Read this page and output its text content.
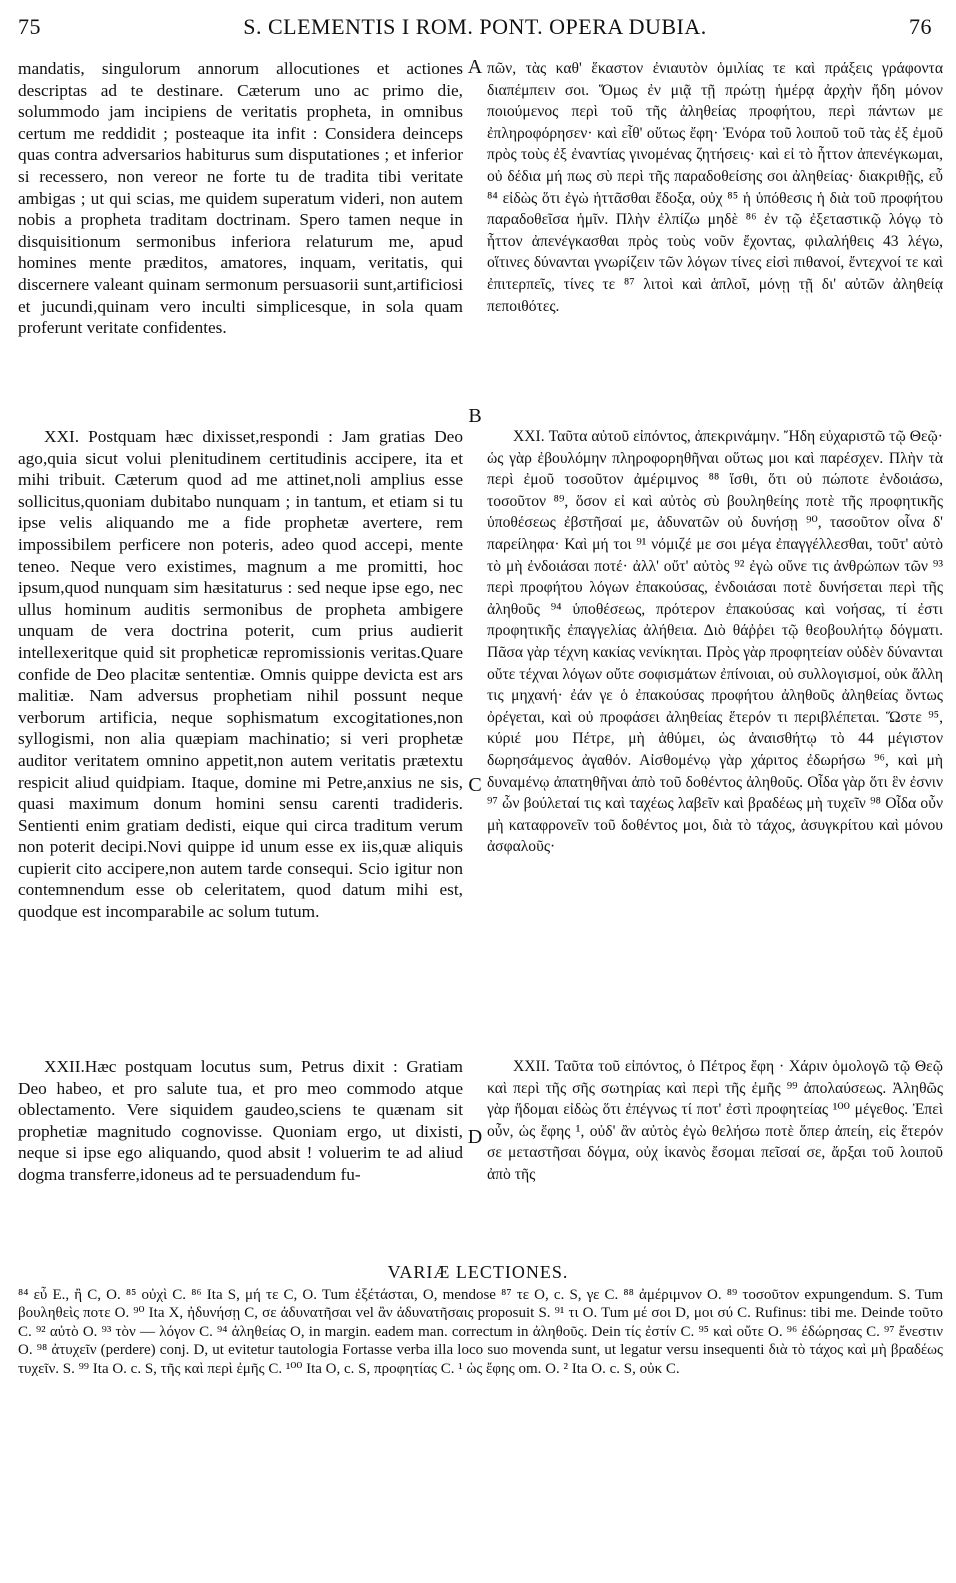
75	S. CLEMENTIS I ROM. PONT. OPERA DUBIA.	76

mandatis, singulorum annorum allocutiones et actiones descriptas ad te destinare. Cæterum uno ac primo die, solummodo jam incipiens de veritatis propheta, in omnibus certum me reddidit ; posteaque ita infit : Considera deinceps quas contra adversarios habiturus sum disputationes ; et inferior si recessero, non vereor ne forte tu de tradita tibi veritate ambigas ; ut qui scias, me quidem superatum videri, non autem nobis a propheta traditam doctrinam. Spero tamen neque in disquisitionum sermonibus inferiora relaturum me, apud homines mente præditos, amatores, inquam, veritatis, qui discernere valeant quinam sermonum persuasorii sunt,artificiosi et jucundi,quinam vero inculti simplicesque, in sola quam proferunt veritate confidentes.

XXI. Postquam hæc dixisset,respondi : Jam gratias Deo ago,quia sicut volui plenitudinem certitudinis accipere, ita et mihi tribuit. Cæterum quod ad me attinet,noli amplius esse sollicitus,quoniam dubitabo nunquam ; in tantum, et etiam si tu ipse velis aliquando me a fide prophetæ avertere, rem impossibilem perficere non poteris, adeo quod accepi, mente teneo. Neque vero existimes, magnum a me promitti, hoc ipsum,quod nunquam sim hæsitaturus : sed neque ipse ego, nec ullus hominum auditis sermonibus de propheta ambigere unquam de vera doctrina poterit, cum prius audierit intellexeritque quid sit propheticæ repromissionis veritas.Quare confide de Deo placitæ sententiæ. Omnis quippe devicta est ars malitiæ. Nam adversus prophetiam nihil possunt neque verborum artificia, neque sophismatum excogitationes,non syllogismi, non alia quæpiam machinatio; si veri prophetæ auditor veritatem omnino appetit,non autem veritatis prætextu respicit aliud quidpiam. Itaque, domine mi Petre,anxius ne sis, quasi maximum donum homini sensu carenti tradideris. Sentienti enim gratiam dedisti, eique qui circa traditum verum non poterit decipi.Novi quippe id unum esse ex iis,quæ aliquis cupierit cito accipere,non autem tarde consequi. Scio igitur non contemnendum esse ob celeritatem, quod datum mihi est, quodque est incomparabile ac solum tutum.

XXII.Hæc postquam locutus sum, Petrus dixit : Gratiam Deo habeo, et pro salute tua, et pro meo commodo atque oblectamento. Vere siquidem gaudeo,sciens te quænam sit prophetiæ magnitudo cognovisse. Quoniam ergo, ut dixisti, neque si ipse ego aliquando, quod absit ! voluerim te ad aliud dogma transferre,idoneus ad te persuadendum fu-

A
B
C
D

πῶν, τὰς καθ' ἕκαστον ἐνιαυτὸν ὁμιλίας τε καὶ πράξεις γράφοντα διαπέμπειν σοι. Ὅμως ἐν μιᾷ τῇ πρώτῃ ἡμέρᾳ ἀρχὴν ἤδη μόνον ποιούμενος περὶ τοῦ τῆς ἀληθείας προφήτου, περὶ πάντων με ἐπληροφόρησεν· καὶ εἶθ' οὕτως ἔφη· Ἐνόρα τοῦ λοιποῦ τοῦ τὰς ἐξ ἐμοῦ πρὸς τοὺς ἐξ ἐναντίας γινομένας ζητήσεις· καὶ εἰ τὸ ἧττον ἀπενέγκωμαι, οὐ δέδια μή πως σὺ περὶ τῆς παραδοθείσης σοι ἀληθείας· διακριθῇς, εὖ ⁸⁴ εἰδὼς ὅτι ἐγὼ ἡττᾶσθαι ἔδοξα, οὐχ ⁸⁵ ἡ ὑπόθεσις ἡ διὰ τοῦ προφήτου παραδοθεῖσα ἡμῖν. Πλὴν ἐλπίζω μηδὲ ⁸⁶ ἐν τῷ ἐξεταστικῷ λόγῳ τὸ ἧττον ἀπενέγκασθαι πρὸς τοὺς νοῦν ἔχοντας, φιλαλήθεις 43 λέγω, οἵτινες δύνανται γνωρίζειν τῶν λόγων τίνες εἰσὶ πιθανοί, ἔντεχνοί τε καὶ ἐπιτερπεῖς, τίνες τε ⁸⁷ λιτοὶ καὶ ἁπλοῖ, μόνῃ τῇ δι' αὐτῶν ἀληθείᾳ πεποιθότες.

XXI. Ταῦτα αὐτοῦ εἰπόντος, ἀπεκρινάμην. Ἤδη εὐχαριστῶ τῷ Θεῷ· ὡς γὰρ ἐβουλόμην πληροφορηθῆναι οὕτως μοι καὶ παρέσχεν. Πλὴν τὰ περὶ ἐμοῦ τοσοῦτον ἀμέριμνος ⁸⁸ ἴσθι, ὅτι οὐ πώποτε ἐνδοιάσω, τοσοῦτον ⁸⁹, ὅσον εἰ καὶ αὐτὸς σὺ βουληθείης ποτὲ τῆς προφητικῆς ὑποθέσεως ἐβστῆσαί με, ἀδυνατῶν οὐ δυνήσῃ ⁹⁰, τασοῦτον οἶνα δ' παρείληφα· Καὶ μή τοι ⁹¹ νόμιζέ με σοι μέγα ἐπαγγέλλεσθαι, τοῦτ' αὐτὸ τὸ μὴ ἐνδοιάσαι ποτέ· ἀλλ' οὔτ' αὐτὸς ⁹² ἐγὼ οὔνε τις ἀνθρώπων τῶν ⁹³ περὶ προφήτου λόγων ἐπακούσας, ἐνδοιάσαι ποτὲ δυνήσεται περὶ τῆς ἀληθοῦς ⁹⁴ ὑποθέσεως, πρότερον ἐπακούσας καὶ νοήσας, τί ἐστι προφητικῆς ἐπαγγελίας ἀλήθεια. Διὸ θάῤῥει τῷ θεοβουλήτῳ δόγματι. Πᾶσα γὰρ τέχνη κακίας νενίκηται. Πρὸς γὰρ προφητείαν οὐδὲν δύνανται οὔτε τέχναι λόγων οὔτε σοφισμάτων ἐπίνοιαι, οὐ συλλογισμοί, οὐκ ἄλλη τις μηχανή· ἐάν γε ὁ ἐπακούσας προφήτου ἀληθοῦς ἀληθείας ὄντως ὀρέγεται, καὶ οὐ προφάσει ἀληθείας ἕτερόν τι περιβλέπεται. Ὥστε ⁹⁵, κύριέ μου Πέτρε, μὴ ἀθύμει, ὡς ἀναισθήτῳ τὸ 44 μέγιστον δωρησάμενος ἀγαθόν. Αἰσθομένῳ γὰρ χάριτος ἐδωρήσω ⁹⁶, καὶ μὴ δυναμένῳ ἀπατηθῆναι ἀπὸ τοῦ δοθέντος ἀληθοῦς. Οἶδα γὰρ ὅτι ἓν ἐσνιν ⁹⁷ ὧν βούλεταί τις καὶ ταχέως λαβεῖν καὶ βραδέως μὴ τυχεῖν ⁹⁸ Οἶδα οὖν μὴ καταφρονεῖν τοῦ δοθέντος μοι, διὰ τὸ τάχος, ἀσυγκρίτου καὶ μόνου ἀσφαλοῦς·

XXII. Ταῦτα τοῦ εἰπόντος, ὁ Πέτρος ἔφη · Χάριν ὁμολογῶ τῷ Θεῷ καὶ περὶ τῆς σῆς σωτηρίας καὶ περὶ τῆς ἐμῆς ⁹⁹ ἀπολαύσεως. Ἀληθῶς γὰρ ἥδομαι εἰδὼς ὅτι ἐπέγνως τί ποτ' ἐστὶ προφητείας ¹⁰⁰ μέγεθος. Ἐπεὶ οὖν, ὡς ἔφης ¹, οὐδ' ἂν αὐτὸς ἐγὼ θελήσω ποτὲ ὅπερ ἀπείη, εἰς ἕτερόν σε μεταστῆσαι δόγμα, οὐχ ἱκανὸς ἔσομαι πεῖσαί σε, ἄρξαι τοῦ λοιποῦ ἀπὸ τῆς

VARIÆ LECTIONES.
⁸⁴ εὖ E., ἢ C, O. ⁸⁵ οὐχὶ C. ⁸⁶ Ita S, μή τε C, O. Tum ἐξέτάσται, O, mendose ⁸⁷ τε O, c. S, γε C. ⁸⁸ ἀμέριμνον O. ⁸⁹ τοσοῦτον expungendum. S. Tum βουληθεὶς ποτε O. ⁹⁰ Ita X, ἠδυνήσῃ C, σε ἀδυνατῆσαι vel ἂν ἀδυνατῆσαις proposuit S. ⁹¹ τι O. Tum μέ σοι D, μοι σύ C. Rufinus: tibi me. Deinde τοῦτο C. ⁹² αὐτὸ O. ⁹³ τὸν — λόγον C. ⁹⁴ ἀληθείας O, in margin. eadem man. correctum in ἀληθοῦς. Dein τίς ἐστίν C. ⁹⁵ καὶ οὔτε O. ⁹⁶ ἐδώρησας C. ⁹⁷ ἔνεστιν O. ⁹⁸ ἀτυχεῖν (perdere) conj. D, ut evitetur tautologia Fortasse verba illa loco suo movenda sunt, ut legatur versu insequenti διὰ τὸ τάχος καὶ μὴ βραδέως τυχεῖν. S. ⁹⁹ Ita O. c. S, τῆς καὶ περὶ ἐμῆς C. ¹⁰⁰ Ita O, c. S, προφητίας C. ¹ ὡς ἔφης om. O. ² Ita O. c. S, οὐκ C.
